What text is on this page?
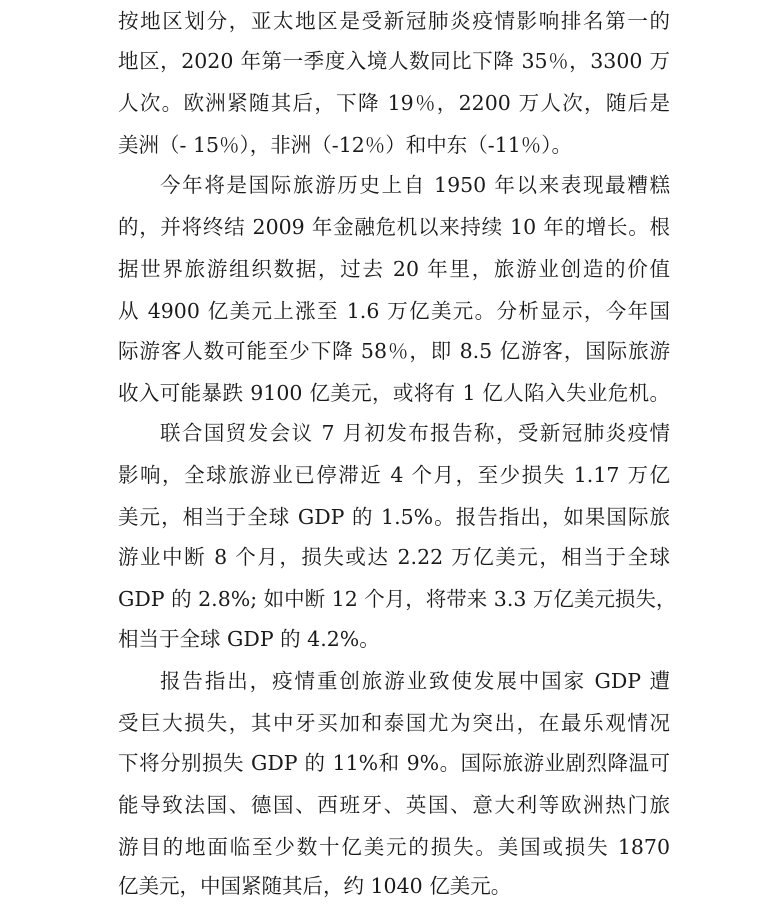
按地区划分，亚太地区是受新冠肺炎疫情影响排名第一的
地区，2020 年第一季度入境人数同比下降 35％，3300 万
人次。欧洲紧随其后，下降 19％，2200 万人次，随后是
美洲（- 15％），非洲（-12％）和中东（-11％）。
今年将是国际旅游历史上自 1950 年以来表现最糟糕
的，并将终结 2009 年金融危机以来持续 10 年的增长。根
据世界旅游组织数据，过去 20 年里，旅游业创造的价值
从 4900 亿美元上涨至 1.6 万亿美元。分析显示，今年国
际游客人数可能至少下降 58％，即 8.5 亿游客，国际旅游
收入可能暴跌 9100 亿美元，或将有 1 亿人陷入失业危机。
联合国贸发会议 7 月初发布报告称，受新冠肺炎疫情
影响，全球旅游业已停滞近 4 个月，至少损失 1.17 万亿
美元，相当于全球 GDP 的 1.5%。报告指出，如果国际旅
游业中断 8 个月，损失或达 2.22 万亿美元，相当于全球
GDP 的 2.8%; 如中断 12 个月，将带来 3.3 万亿美元损失，
相当于全球 GDP 的 4.2%。
报告指出，疫情重创旅游业致使发展中国家 GDP 遭
受巨大损失，其中牙买加和泰国尤为突出，在最乐观情况
下将分别损失 GDP 的 11%和 9%。国际旅游业剧烈降温可
能导致法国、德国、西班牙、英国、意大利等欧洲热门旅
游目的地面临至少数十亿美元的损失。美国或损失 1870
亿美元，中国紧随其后，约 1040 亿美元。
